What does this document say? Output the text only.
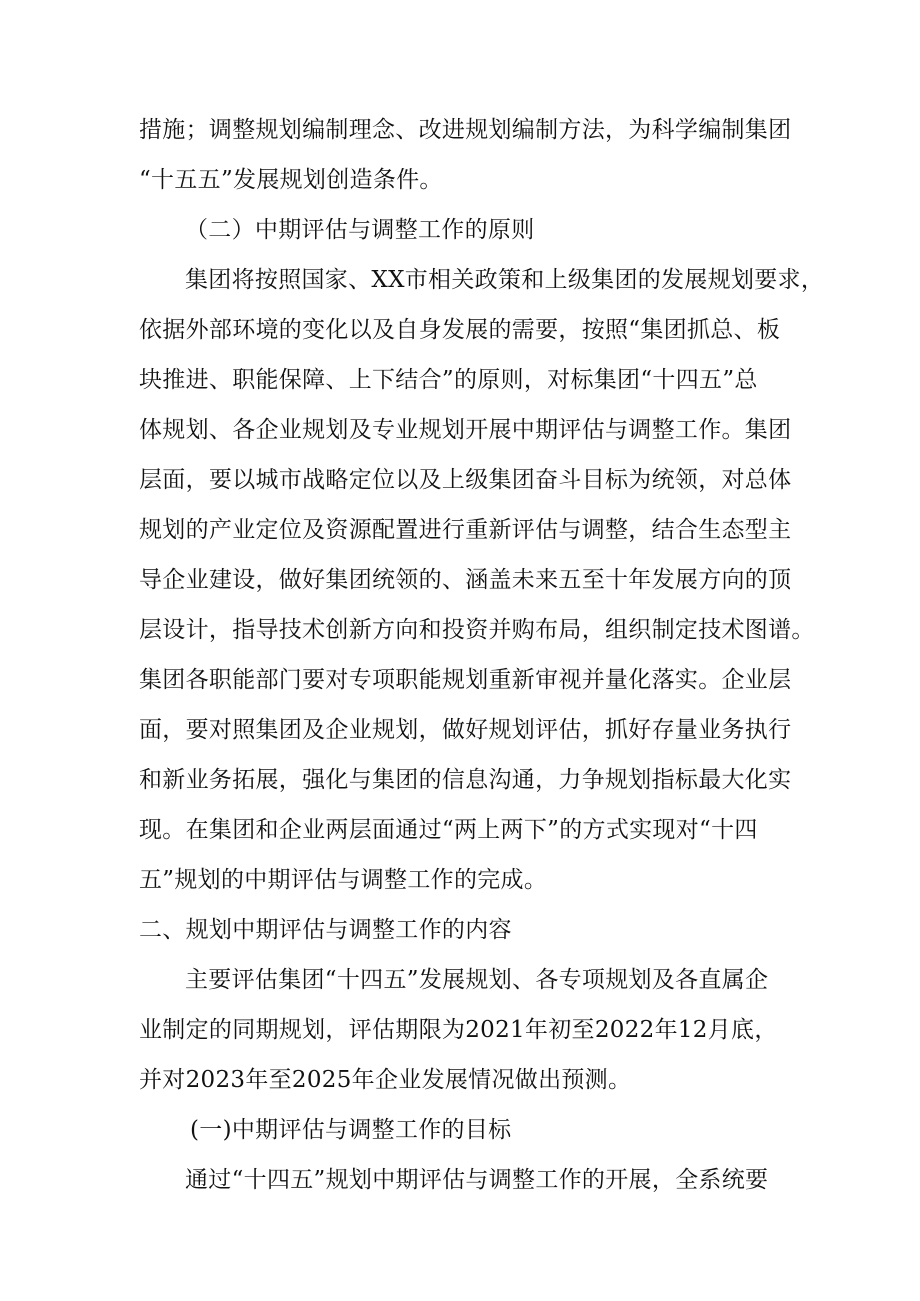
措施；调整规划编制理念、改进规划编制方法，为科学编制集团
“十五五”发展规划创造条件。
（二）中期评估与调整工作的原则
集团将按照国家、XX市相关政策和上级集团的发展规划要求，
依据外部环境的变化以及自身发展的需要，按照“集团抓总、板
块推进、职能保障、上下结合”的原则，对标集团“十四五”总
体规划、各企业规划及专业规划开展中期评估与调整工作。集团
层面，要以城市战略定位以及上级集团奋斗目标为统领，对总体
规划的产业定位及资源配置进行重新评估与调整，结合生态型主
导企业建设，做好集团统领的、涵盖未来五至十年发展方向的顶
层设计，指导技术创新方向和投资并购布局，组织制定技术图谱。
集团各职能部门要对专项职能规划重新审视并量化落实。企业层
面，要对照集团及企业规划，做好规划评估，抓好存量业务执行
和新业务拓展，强化与集团的信息沟通，力争规划指标最大化实
现。在集团和企业两层面通过“两上两下”的方式实现对“十四
五”规划的中期评估与调整工作的完成。
二、规划中期评估与调整工作的内容
主要评估集团“十四五”发展规划、各专项规划及各直属企
业制定的同期规划，评估期限为2021年初至2022年12月底，
并对2023年至2025年企业发展情况做出预测。
(一)中期评估与调整工作的目标
通过“十四五”规划中期评估与调整工作的开展，全系统要
